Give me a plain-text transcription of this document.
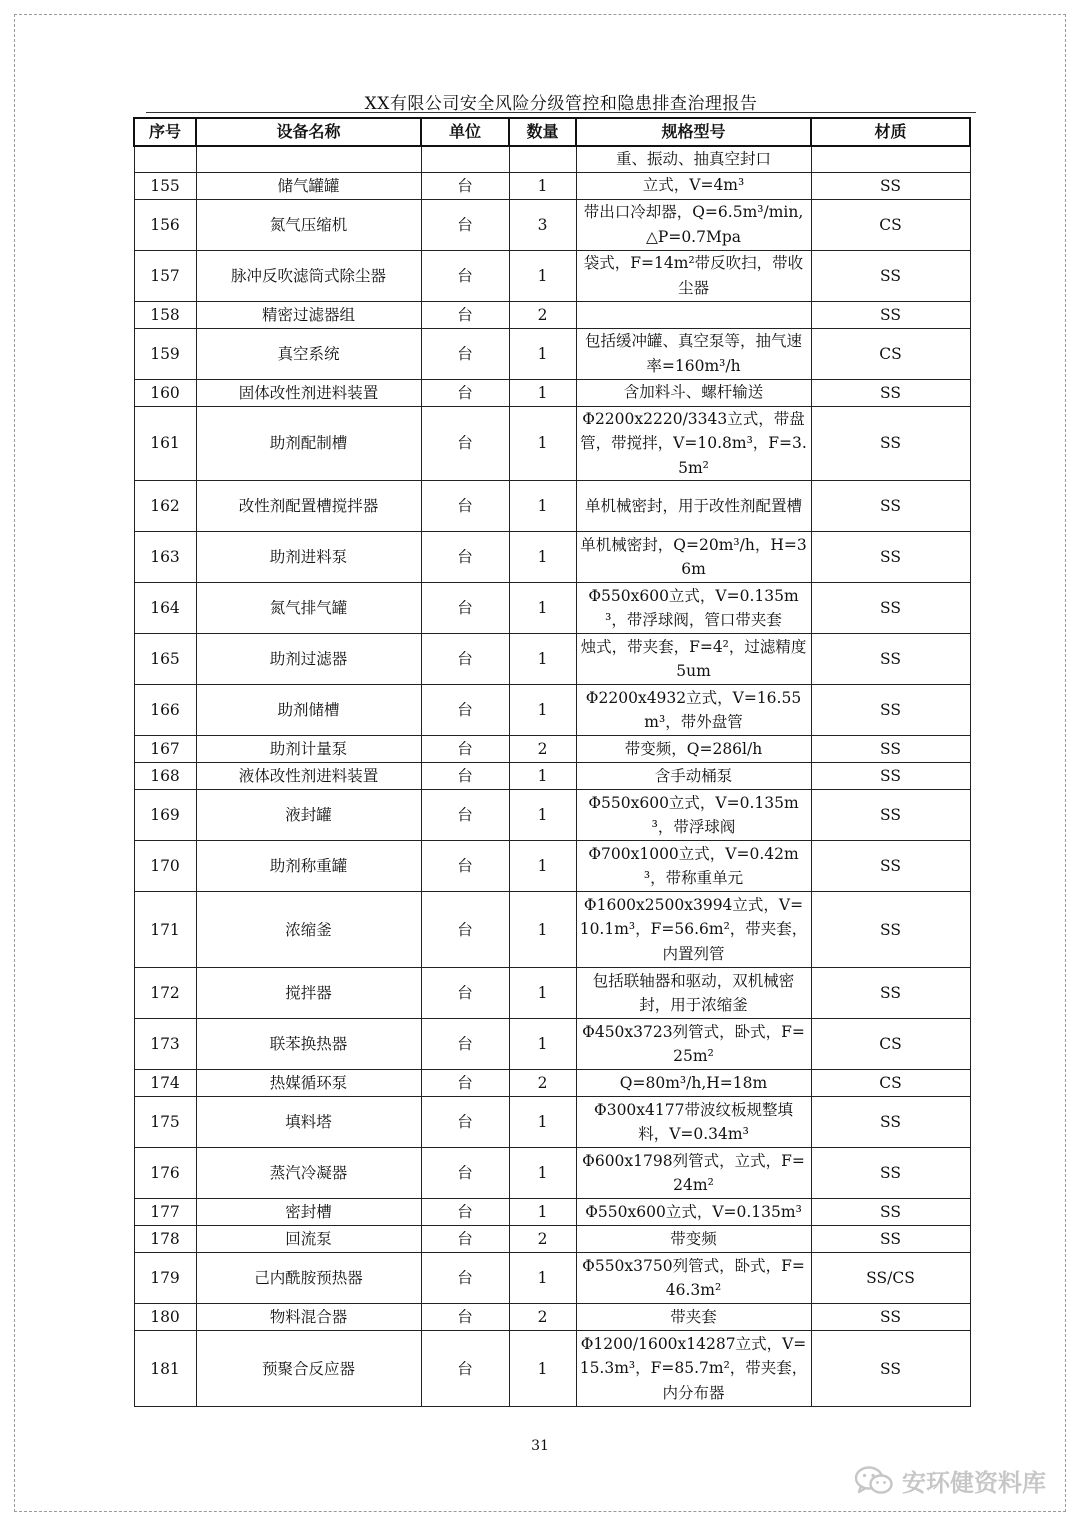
XX有限公司安全风险分级管控和隐患排查治理报告
序号	设备名称	单位	数量	规格型号	材质
				重、振动、抽真空封口	
155	储气罐罐	台	1	立式，V=4m³	SS
156	氮气压缩机	台	3	带出口冷却器，Q=6.5m³/min,△P=0.7Mpa	CS
157	脉冲反吹滤筒式除尘器	台	1	袋式，F=14m²带反吹扫，带收尘器	SS
158	精密过滤器组	台	2		SS
159	真空系统	台	1	包括缓冲罐、真空泵等，抽气速率=160m³/h	CS
160	固体改性剂进料装置	台	1	含加料斗、螺杆输送	SS
161	助剂配制槽	台	1	Φ2200x2220/3343立式，带盘管，带搅拌，V=10.8m³，F=3.5m²	SS
162	改性剂配置槽搅拌器	台	1	单机械密封，用于改性剂配置槽	SS
163	助剂进料泵	台	1	单机械密封，Q=20m³/h，H=36m	SS
164	氮气排气罐	台	1	Φ550x600立式，V=0.135m³，带浮球阀，管口带夹套	SS
165	助剂过滤器	台	1	烛式，带夹套，F=4²，过滤精度5um	SS
166	助剂储槽	台	1	Φ2200x4932立式，V=16.55m³，带外盘管	SS
167	助剂计量泵	台	2	带变频，Q=286l/h	SS
168	液体改性剂进料装置	台	1	含手动桶泵	SS
169	液封罐	台	1	Φ550x600立式，V=0.135m³，带浮球阀	SS
170	助剂称重罐	台	1	Φ700x1000立式，V=0.42m³，带称重单元	SS
171	浓缩釜	台	1	Φ1600x2500x3994立式，V=10.1m³，F=56.6m²，带夹套，内置列管	SS
172	搅拌器	台	1	包括联轴器和驱动，双机械密封，用于浓缩釜	SS
173	联苯换热器	台	1	Φ450x3723列管式，卧式，F=25m²	CS
174	热媒循环泵	台	2	Q=80m³/h,H=18m	CS
175	填料塔	台	1	Φ300x4177带波纹板规整填料，V=0.34m³	SS
176	蒸汽冷凝器	台	1	Φ600x1798列管式，立式，F=24m²	SS
177	密封槽	台	1	Φ550x600立式，V=0.135m³	SS
178	回流泵	台	2	带变频	SS
179	己内酰胺预热器	台	1	Φ550x3750列管式，卧式，F=46.3m²	SS/CS
180	物料混合器	台	2	带夹套	SS
181	预聚合反应器	台	1	Φ1200/1600x14287立式，V=15.3m³，F=85.7m²，带夹套，内分布器	SS
31
安环健资料库
